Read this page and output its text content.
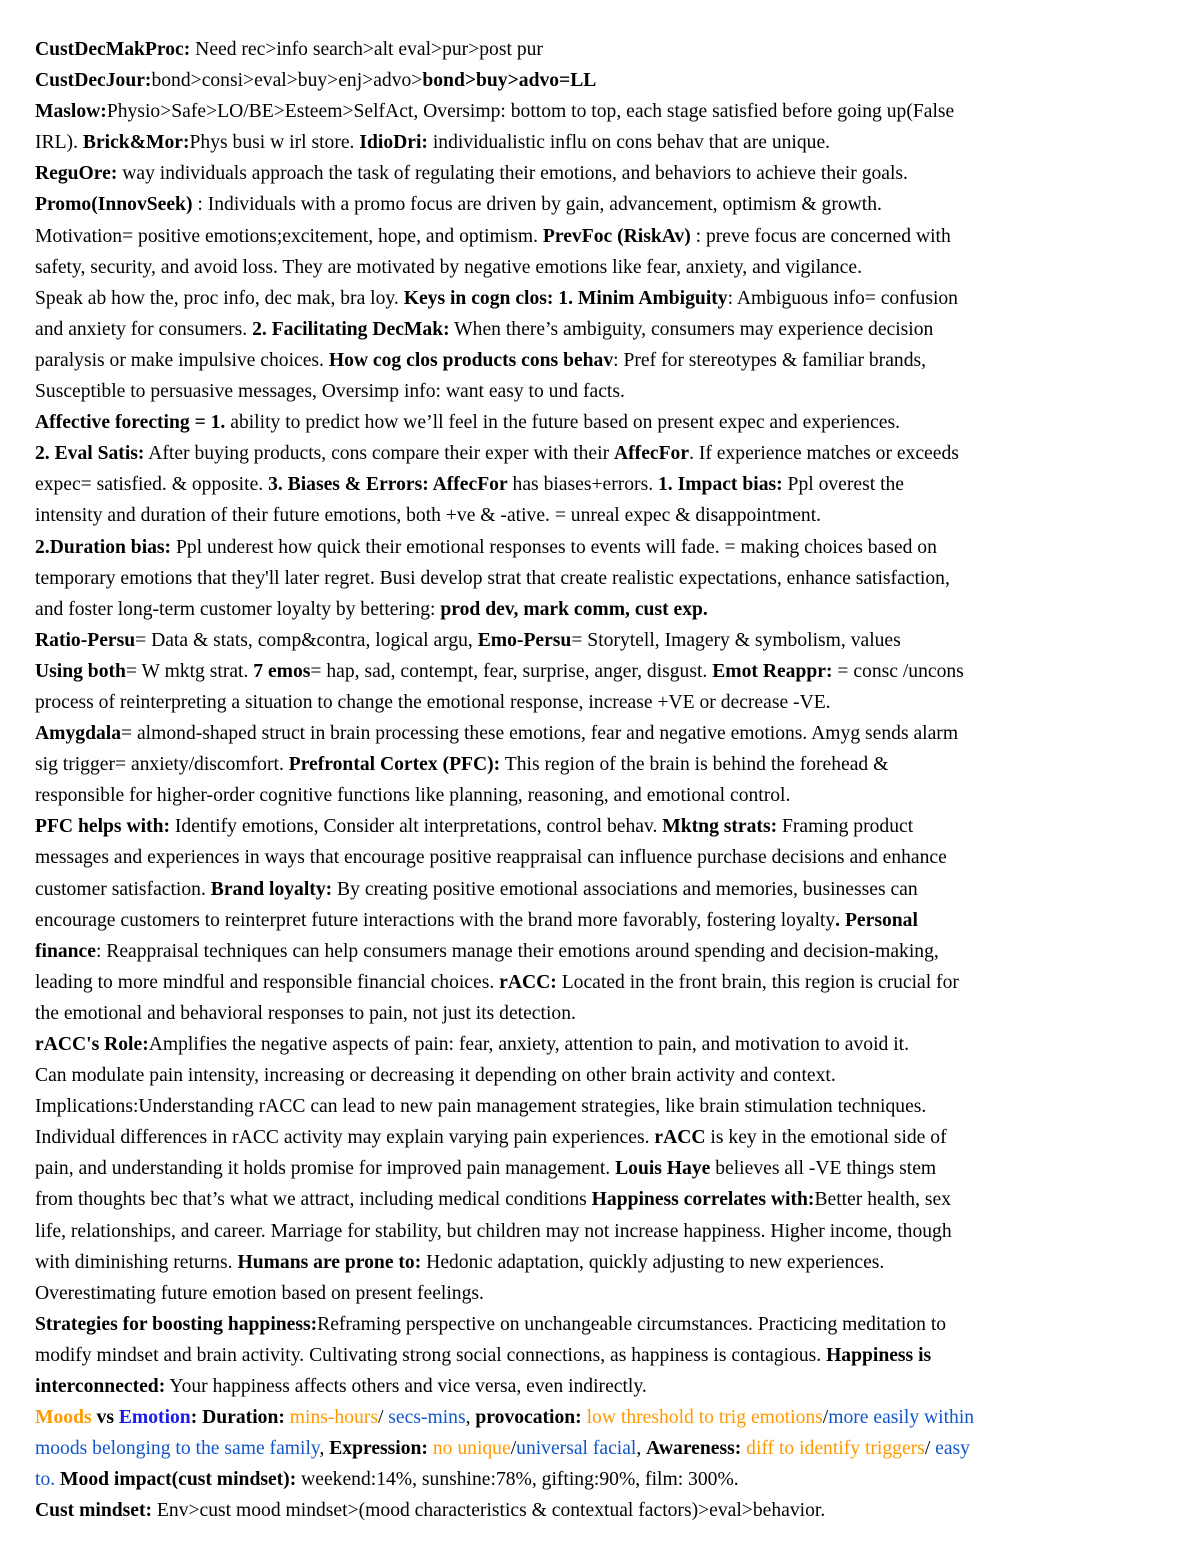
CustDecMakProc: Need rec>info search>alt eval>pur>post pur
CustDecJour:bond>consi>eval>buy>enj>advo>bond>buy>advo=LL
Maslow:Physio>Safe>LO/BE>Esteem>SelfAct, Oversimp: bottom to top, each stage satisfied before going up(False
IRL). Brick&Mor:Phys busi w irl store. IdioDri: individualistic influ on cons behav that are unique.
ReguOre: way individuals approach the task of regulating their emotions, and behaviors to achieve their goals.
Promo(InnovSeek) : Individuals with a promo focus are driven by gain, advancement, optimism & growth.
Motivation= positive emotions;excitement, hope, and optimism. PrevFoc (RiskAv) : preve focus are concerned with
safety, security, and avoid loss. They are motivated by negative emotions like fear, anxiety, and vigilance.
Speak ab how the, proc info, dec mak, bra loy. Keys in cogn clos: 1. Minim Ambiguity: Ambiguous info= confusion
and anxiety for consumers. 2. Facilitating DecMak: When there’s ambiguity, consumers may experience decision
paralysis or make impulsive choices. How cog clos products cons behav: Pref for stereotypes & familiar brands,
Susceptible to persuasive messages, Oversimp info: want easy to und facts.
Affective forecting = 1. ability to predict how we’ll feel in the future based on present expec and experiences.
2. Eval Satis: After buying products, cons compare their exper with their AffecFor. If experience matches or exceeds
expec= satisfied. & opposite. 3. Biases & Errors: AffecFor has biases+errors. 1. Impact bias: Ppl overest the
intensity and duration of their future emotions, both +ve & -ative. = unreal expec & disappointment.
2.Duration bias: Ppl underest how quick their emotional responses to events will fade. = making choices based on
temporary emotions that they'll later regret. Busi develop strat that create realistic expectations, enhance satisfaction,
and foster long-term customer loyalty by bettering: prod dev, mark comm, cust exp.
Ratio-Persu= Data & stats, comp&contra, logical argu, Emo-Persu= Storytell, Imagery & symbolism, values
Using both= W mktg strat. 7 emos= hap, sad, contempt, fear, surprise, anger, disgust. Emot Reappr: = consc /uncons
process of reinterpreting a situation to change the emotional response, increase +VE or decrease -VE.
Amygdala= almond-shaped struct in brain processing these emotions, fear and negative emotions. Amyg sends alarm
sig trigger= anxiety/discomfort. Prefrontal Cortex (PFC): This region of the brain is behind the forehead &
responsible for higher-order cognitive functions like planning, reasoning, and emotional control.
PFC helps with: Identify emotions, Consider alt interpretations, control behav. Mktng strats: Framing product
messages and experiences in ways that encourage positive reappraisal can influence purchase decisions and enhance
customer satisfaction. Brand loyalty: By creating positive emotional associations and memories, businesses can
encourage customers to reinterpret future interactions with the brand more favorably, fostering loyalty. Personal
finance: Reappraisal techniques can help consumers manage their emotions around spending and decision-making,
leading to more mindful and responsible financial choices. rACC: Located in the front brain, this region is crucial for
the emotional and behavioral responses to pain, not just its detection.
rACC's Role:Amplifies the negative aspects of pain: fear, anxiety, attention to pain, and motivation to avoid it.
Can modulate pain intensity, increasing or decreasing it depending on other brain activity and context.
Implications:Understanding rACC can lead to new pain management strategies, like brain stimulation techniques.
Individual differences in rACC activity may explain varying pain experiences. rACC is key in the emotional side of
pain, and understanding it holds promise for improved pain management. Louis Haye believes all -VE things stem
from thoughts bec that’s what we attract, including medical conditions Happiness correlates with:Better health, sex
life, relationships, and career. Marriage for stability, but children may not increase happiness. Higher income, though
with diminishing returns. Humans are prone to: Hedonic adaptation, quickly adjusting to new experiences.
Overestimating future emotion based on present feelings.
Strategies for boosting happiness:Reframing perspective on unchangeable circumstances. Practicing meditation to
modify mindset and brain activity. Cultivating strong social connections, as happiness is contagious. Happiness is
interconnected: Your happiness affects others and vice versa, even indirectly.
Moods vs Emotion: Duration: mins-hours/ secs-mins, provocation: low threshold to trig emotions/more easily within
moods belonging to the same family, Expression: no unique/universal facial, Awareness: diff to identify triggers/ easy
to. Mood impact(cust mindset): weekend:14%, sunshine:78%, gifting:90%, film: 300%.
Cust mindset: Env>cust mood mindset>(mood characteristics & contextual factors)>eval>behavior.
